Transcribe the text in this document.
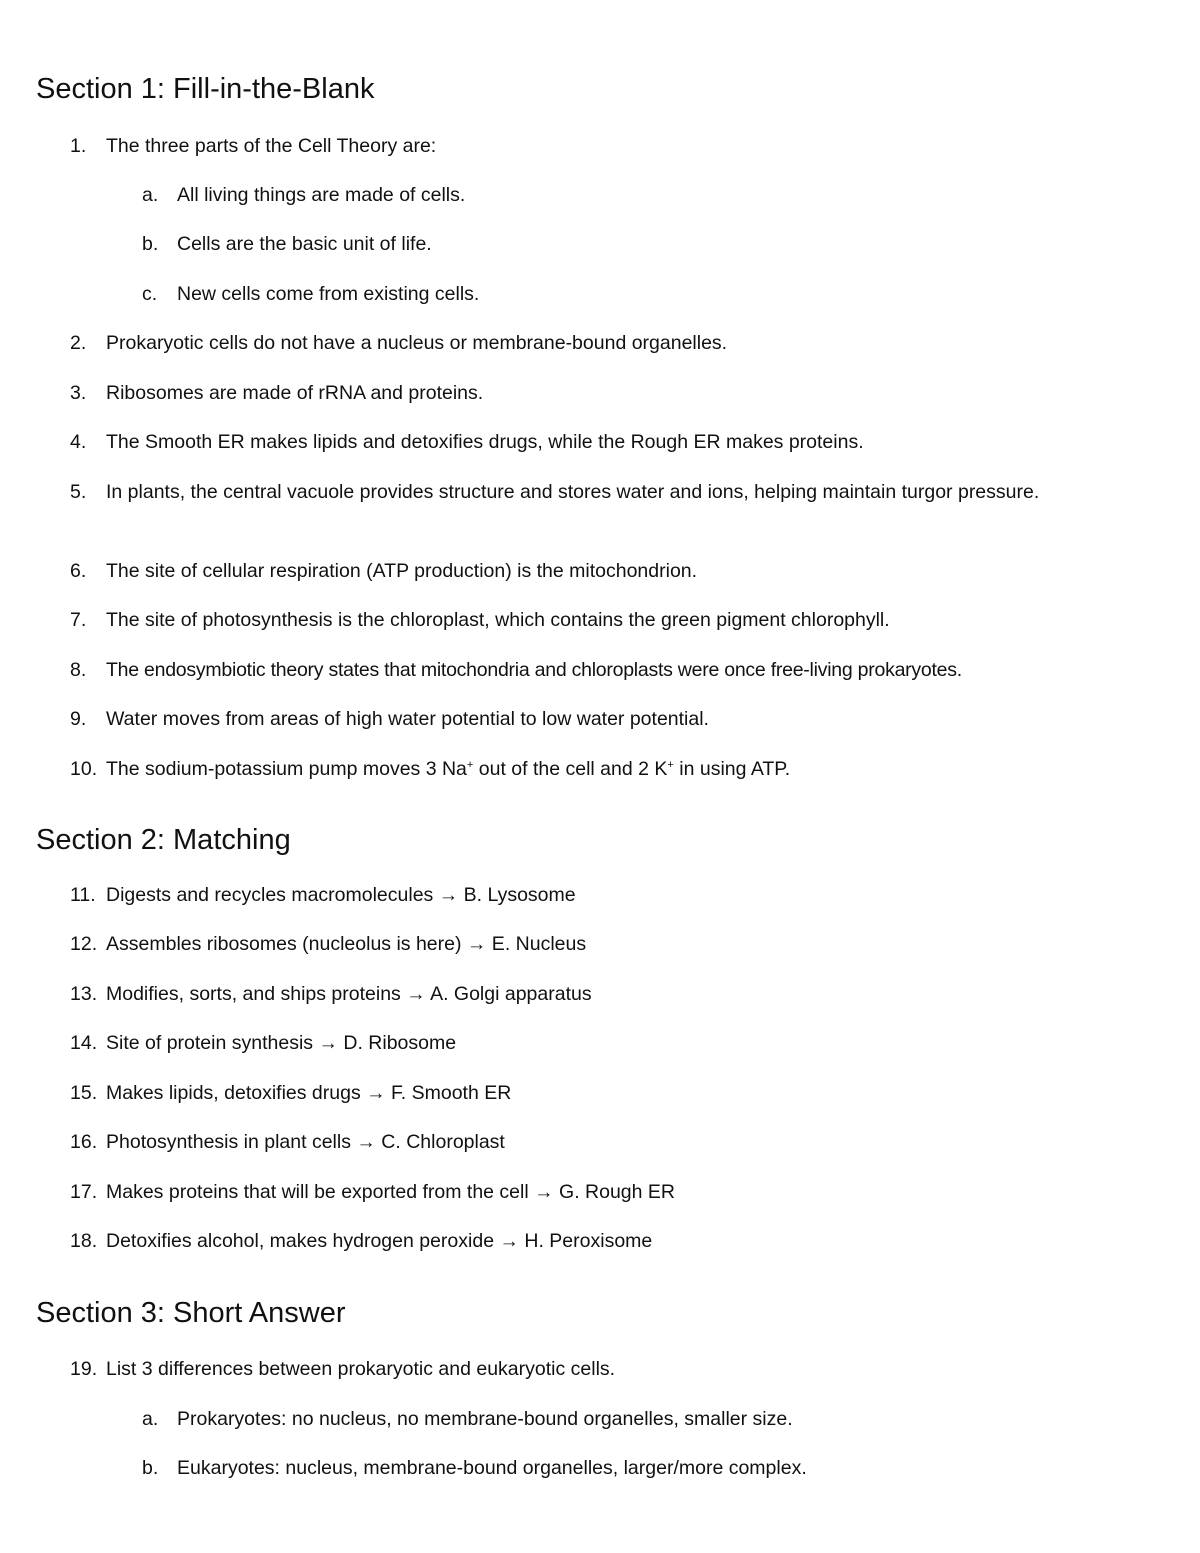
Section 1: Fill-in-the-Blank
1. The three parts of the Cell Theory are:
a. All living things are made of cells.
b. Cells are the basic unit of life.
c. New cells come from existing cells.
2. Prokaryotic cells do not have a nucleus or membrane-bound organelles.
3. Ribosomes are made of rRNA and proteins.
4. The Smooth ER makes lipids and detoxifies drugs, while the Rough ER makes proteins.
5. In plants, the central vacuole provides structure and stores water and ions, helping maintain turgor pressure.
6. The site of cellular respiration (ATP production) is the mitochondrion.
7. The site of photosynthesis is the chloroplast, which contains the green pigment chlorophyll.
8. The endosymbiotic theory states that mitochondria and chloroplasts were once free-living prokaryotes.
9. Water moves from areas of high water potential to low water potential.
10. The sodium-potassium pump moves 3 Na+ out of the cell and 2 K+ in using ATP.
Section 2: Matching
11. Digests and recycles macromolecules → B. Lysosome
12. Assembles ribosomes (nucleolus is here) → E. Nucleus
13. Modifies, sorts, and ships proteins → A. Golgi apparatus
14. Site of protein synthesis → D. Ribosome
15. Makes lipids, detoxifies drugs → F. Smooth ER
16. Photosynthesis in plant cells → C. Chloroplast
17. Makes proteins that will be exported from the cell → G. Rough ER
18. Detoxifies alcohol, makes hydrogen peroxide → H. Peroxisome
Section 3: Short Answer
19. List 3 differences between prokaryotic and eukaryotic cells.
a. Prokaryotes: no nucleus, no membrane-bound organelles, smaller size.
b. Eukaryotes: nucleus, membrane-bound organelles, larger/more complex.
